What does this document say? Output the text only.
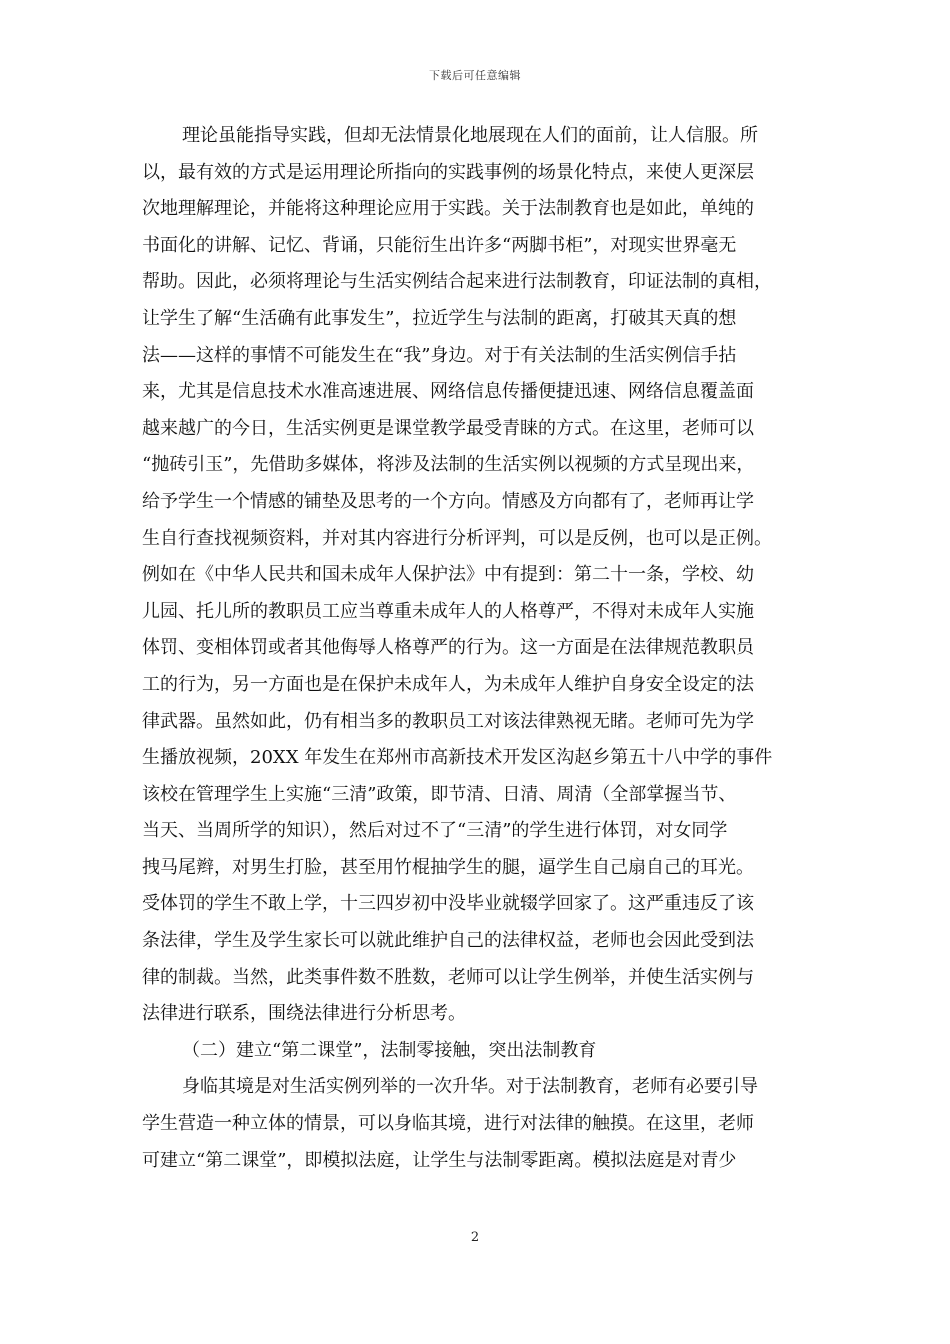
下载后可任意编辑
理论虽能指导实践，但却无法情景化地展现在人们的面前，让人信服。所
以，最有效的方式是运用理论所指向的实践事例的场景化特点，来使人更深层
次地理解理论，并能将这种理论应用于实践。关于法制教育也是如此，单纯的
书面化的讲解、记忆、背诵，只能衍生出许多“两脚书柜”，对现实世界毫无
帮助。因此，必须将理论与生活实例结合起来进行法制教育，印证法制的真相，
让学生了解“生活确有此事发生”，拉近学生与法制的距离，打破其天真的想
法——这样的事情不可能发生在“我”身边。对于有关法制的生活实例信手拈
来，尤其是信息技术水准高速进展、网络信息传播便捷迅速、网络信息覆盖面
越来越广的今日，生活实例更是课堂教学最受青睐的方式。在这里，老师可以
“抛砖引玉”，先借助多媒体，将涉及法制的生活实例以视频的方式呈现出来，
给予学生一个情感的铺垫及思考的一个方向。情感及方向都有了，老师再让学
生自行查找视频资料，并对其内容进行分析评判，可以是反例，也可以是正例。
例如在《中华人民共和国未成年人保护法》中有提到：第二十一条，学校、幼
儿园、托儿所的教职员工应当尊重未成年人的人格尊严，不得对未成年人实施
体罚、变相体罚或者其他侮辱人格尊严的行为。这一方面是在法律规范教职员
工的行为，另一方面也是在保护未成年人，为未成年人维护自身安全设定的法
律武器。虽然如此，仍有相当多的教职员工对该法律熟视无睹。老师可先为学
生播放视频，20XX 年发生在郑州市高新技术开发区沟赵乡第五十八中学的事件
该校在管理学生上实施“三清”政策，即节清、日清、周清（全部掌握当节、
当天、当周所学的知识），然后对过不了“三清”的学生进行体罚，对女同学
拽马尾辫，对男生打脸，甚至用竹棍抽学生的腿，逼学生自己扇自己的耳光。
受体罚的学生不敢上学，十三四岁初中没毕业就辍学回家了。这严重违反了该
条法律，学生及学生家长可以就此维护自己的法律权益，老师也会因此受到法
律的制裁。当然，此类事件数不胜数，老师可以让学生例举，并使生活实例与
法律进行联系，围绕法律进行分析思考。
（二）建立“第二课堂”，法制零接触，突出法制教育
身临其境是对生活实例列举的一次升华。对于法制教育，老师有必要引导
学生营造一种立体的情景，可以身临其境，进行对法律的触摸。在这里，老师
可建立“第二课堂”，即模拟法庭，让学生与法制零距离。模拟法庭是对青少
2
